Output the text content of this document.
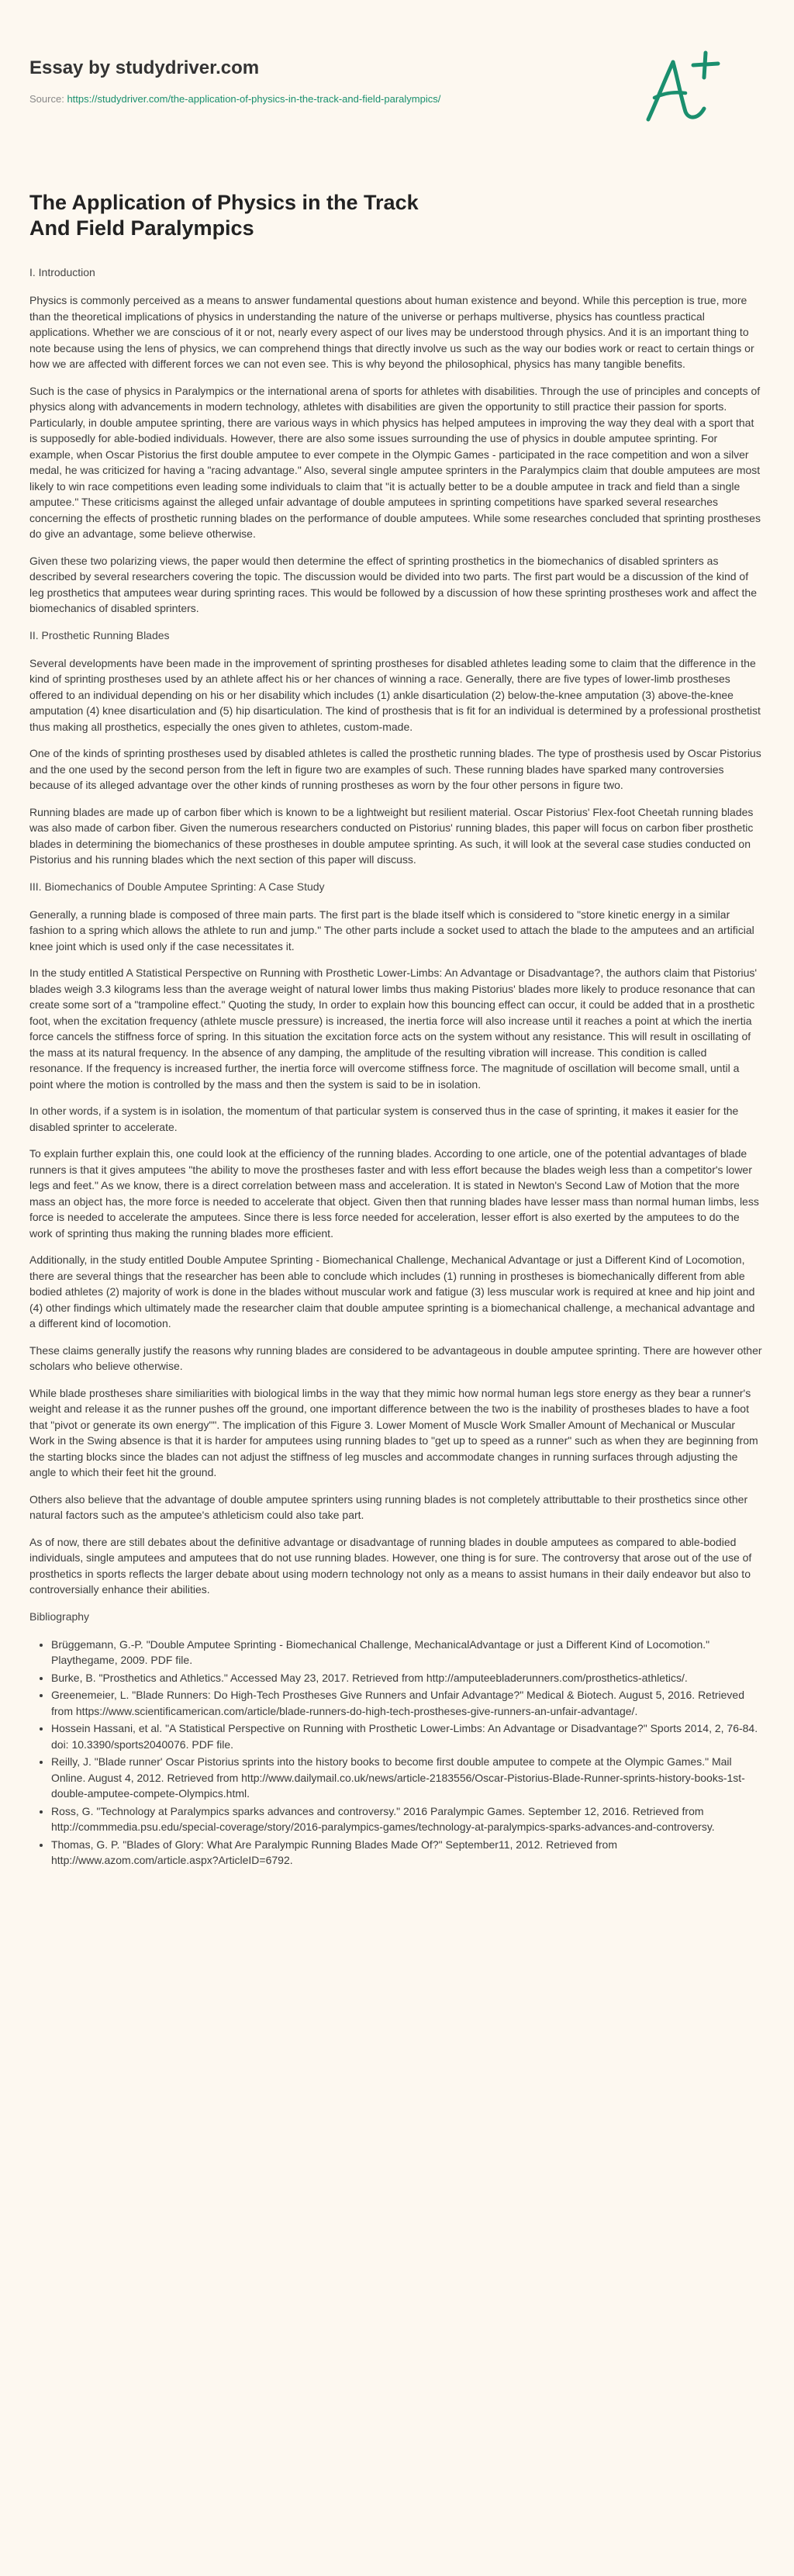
Essay by studydriver.com
Source: https://studydriver.com/the-application-of-physics-in-the-track-and-field-paralympics/
The Application of Physics in the Track And Field Paralympics

I. Introduction

Physics is commonly perceived as a means to answer fundamental questions about human existence and beyond. While this perception is true, more than the theoretical implications of physics in understanding the nature of the universe or perhaps multiverse, physics has countless practical applications. Whether we are conscious of it or not, nearly every aspect of our lives may be understood through physics. And it is an important thing to note because using the lens of physics, we can comprehend things that directly involve us such as the way our bodies work or react to certain things or how we are affected with different forces we can not even see. This is why beyond the philosophical, physics has many tangible benefits.

Such is the case of physics in Paralympics or the international arena of sports for athletes with disabilities. Through the use of principles and concepts of physics along with advancements in modern technology, athletes with disabilities are given the opportunity to still practice their passion for sports. Particularly, in double amputee sprinting, there are various ways in which physics has helped amputees in improving the way they deal with a sport that is supposedly for able-bodied individuals. However, there are also some issues surrounding the use of physics in double amputee sprinting. For example, when Oscar Pistorius the first double amputee to ever compete in the Olympic Games - participated in the race competition and won a silver medal, he was criticized for having a "racing advantage." Also, several single amputee sprinters in the Paralympics claim that double amputees are most likely to win race competitions even leading some individuals to claim that "it is actually better to be a double amputee in track and field than a single amputee." These criticisms against the alleged unfair advantage of double amputees in sprinting competitions have sparked several researches concerning the effects of prosthetic running blades on the performance of double amputees. While some researches concluded that sprinting prostheses do give an advantage, some believe otherwise.

Given these two polarizing views, the paper would then determine the effect of sprinting prosthetics in the biomechanics of disabled sprinters as described by several researchers covering the topic. The discussion would be divided into two parts. The first part would be a discussion of the kind of leg prosthetics that amputees wear during sprinting races. This would be followed by a discussion of how these sprinting prostheses work and affect the biomechanics of disabled sprinters.

II. Prosthetic Running Blades

Several developments have been made in the improvement of sprinting prostheses for disabled athletes leading some to claim that the difference in the kind of sprinting prostheses used by an athlete affect his or her chances of winning a race. Generally, there are five types of lower-limb prostheses offered to an individual depending on his or her disability which includes (1) ankle disarticulation (2) below-the-knee amputation (3) above-the-knee amputation (4) knee disarticulation and (5) hip disarticulation. The kind of prosthesis that is fit for an individual is determined by a professional prosthetist thus making all prosthetics, especially the ones given to athletes, custom-made.

One of the kinds of sprinting prostheses used by disabled athletes is called the prosthetic running blades. The type of prosthesis used by Oscar Pistorius and the one used by the second person from the left in figure two are examples of such. These running blades have sparked many controversies because of its alleged advantage over the other kinds of running prostheses as worn by the four other persons in figure two.

Running blades are made up of carbon fiber which is known to be a lightweight but resilient material. Oscar Pistorius' Flex-foot Cheetah running blades was also made of carbon fiber. Given the numerous researchers conducted on Pistorius' running blades, this paper will focus on carbon fiber prosthetic blades in determining the biomechanics of these prostheses in double amputee sprinting. As such, it will look at the several case studies conducted on Pistorius and his running blades which the next section of this paper will discuss.

III. Biomechanics of Double Amputee Sprinting: A Case Study

Generally, a running blade is composed of three main parts. The first part is the blade itself which is considered to "store kinetic energy in a similar fashion to a spring which allows the athlete to run and jump." The other parts include a socket used to attach the blade to the amputees and an artificial knee joint which is used only if the case necessitates it.

In the study entitled A Statistical Perspective on Running with Prosthetic Lower-Limbs: An Advantage or Disadvantage?, the authors claim that Pistorius' blades weigh 3.3 kilograms less than the average weight of natural lower limbs thus making Pistorius' blades more likely to produce resonance that can create some sort of a "trampoline effect." Quoting the study, In order to explain how this bouncing effect can occur, it could be added that in a prosthetic foot, when the excitation frequency (athlete muscle pressure) is increased, the inertia force will also increase until it reaches a point at which the inertia force cancels the stiffness force of spring. In this situation the excitation force acts on the system without any resistance. This will result in oscillating of the mass at its natural frequency. In the absence of any damping, the amplitude of the resulting vibration will increase. This condition is called resonance. If the frequency is increased further, the inertia force will overcome stiffness force. The magnitude of oscillation will become small, until a point where the motion is controlled by the mass and then the system is said to be in isolation.

In other words, if a system is in isolation, the momentum of that particular system is conserved thus in the case of sprinting, it makes it easier for the disabled sprinter to accelerate.

To explain further explain this, one could look at the efficiency of the running blades. According to one article, one of the potential advantages of blade runners is that it gives amputees "the ability to move the prostheses faster and with less effort because the blades weigh less than a competitor's lower legs and feet." As we know, there is a direct correlation between mass and acceleration. It is stated in Newton's Second Law of Motion that the more mass an object has, the more force is needed to accelerate that object. Given then that running blades have lesser mass than normal human limbs, less force is needed to accelerate the amputees. Since there is less force needed for acceleration, lesser effort is also exerted by the amputees to do the work of sprinting thus making the running blades more efficient.

Additionally, in the study entitled Double Amputee Sprinting - Biomechanical Challenge, Mechanical Advantage or just a Different Kind of Locomotion, there are several things that the researcher has been able to conclude which includes (1) running in prostheses is biomechanically different from able bodied athletes (2) majority of work is done in the blades without muscular work and fatigue (3) less muscular work is required at knee and hip joint and (4) other findings which ultimately made the researcher claim that double amputee sprinting is a biomechanical challenge, a mechanical advantage and a different kind of locomotion.

These claims generally justify the reasons why running blades are considered to be advantageous in double amputee sprinting. There are however other scholars who believe otherwise.

While blade prostheses share similiarities with biological limbs in the way that they mimic how normal human legs store energy as they bear a runner's weight and release it as the runner pushes off the ground, one important difference between the two is the inability of prostheses blades to have a foot that "pivot or generate its own energy"". The implication of this Figure 3. Lower Moment of Muscle Work Smaller Amount of Mechanical or Muscular Work in the Swing absence is that it is harder for amputees using running blades to "get up to speed as a runner" such as when they are beginning from the starting blocks since the blades can not adjust the stiffness of leg muscles and accommodate changes in running surfaces through adjusting the angle to which their feet hit the ground.

Others also believe that the advantage of double amputee sprinters using running blades is not completely attributtable to their prosthetics since other natural factors such as the amputee's athleticism could also take part.

As of now, there are still debates about the definitive advantage or disadvantage of running blades in double amputees as compared to able-bodied individuals, single amputees and amputees that do not use running blades. However, one thing is for sure. The controversy that arose out of the use of prosthetics in sports reflects the larger debate about using modern technology not only as a means to assist humans in their daily endeavor but also to controversially enhance their abilities.

Bibliography

• Brüggemann, G.-P. "Double Amputee Sprinting - Biomechanical Challenge, MechanicalAdvantage or just a Different Kind of Locomotion." Playthegame, 2009. PDF file.
• Burke, B. "Prosthetics and Athletics." Accessed May 23, 2017. Retrieved from http://amputeebladerunners.com/prosthetics-athletics/.
• Greenemeier, L. "Blade Runners: Do High-Tech Prostheses Give Runners and Unfair Advantage?" Medical & Biotech. August 5, 2016. Retrieved from https://www.scientificamerican.com/article/blade-runners-do-high-tech-prostheses-give-runners-an-unfair-advantage/.
• Hossein Hassani, et al. "A Statistical Perspective on Running with Prosthetic Lower-Limbs: An Advantage or Disadvantage?" Sports 2014, 2, 76-84. doi: 10.3390/sports2040076. PDF file.
• Reilly, J. "Blade runner' Oscar Pistorius sprints into the history books to become first double amputee to compete at the Olympic Games." Mail Online. August 4, 2012. Retrieved from http://www.dailymail.co.uk/news/article-2183556/Oscar-Pistorius-Blade-Runner-sprints-history-books-1st-double-amputee-compete-Olympics.html.
• Ross, G. "Technology at Paralympics sparks advances and controversy." 2016 Paralympic Games. September 12, 2016. Retrieved from http://commmedia.psu.edu/special-coverage/story/2016-paralympics-games/technology-at-paralympics-sparks-advances-and-controversy.
• Thomas, G. P. "Blades of Glory: What Are Paralympic Running Blades Made Of?" September11, 2012. Retrieved from http://www.azom.com/article.aspx?ArticleID=6792.
